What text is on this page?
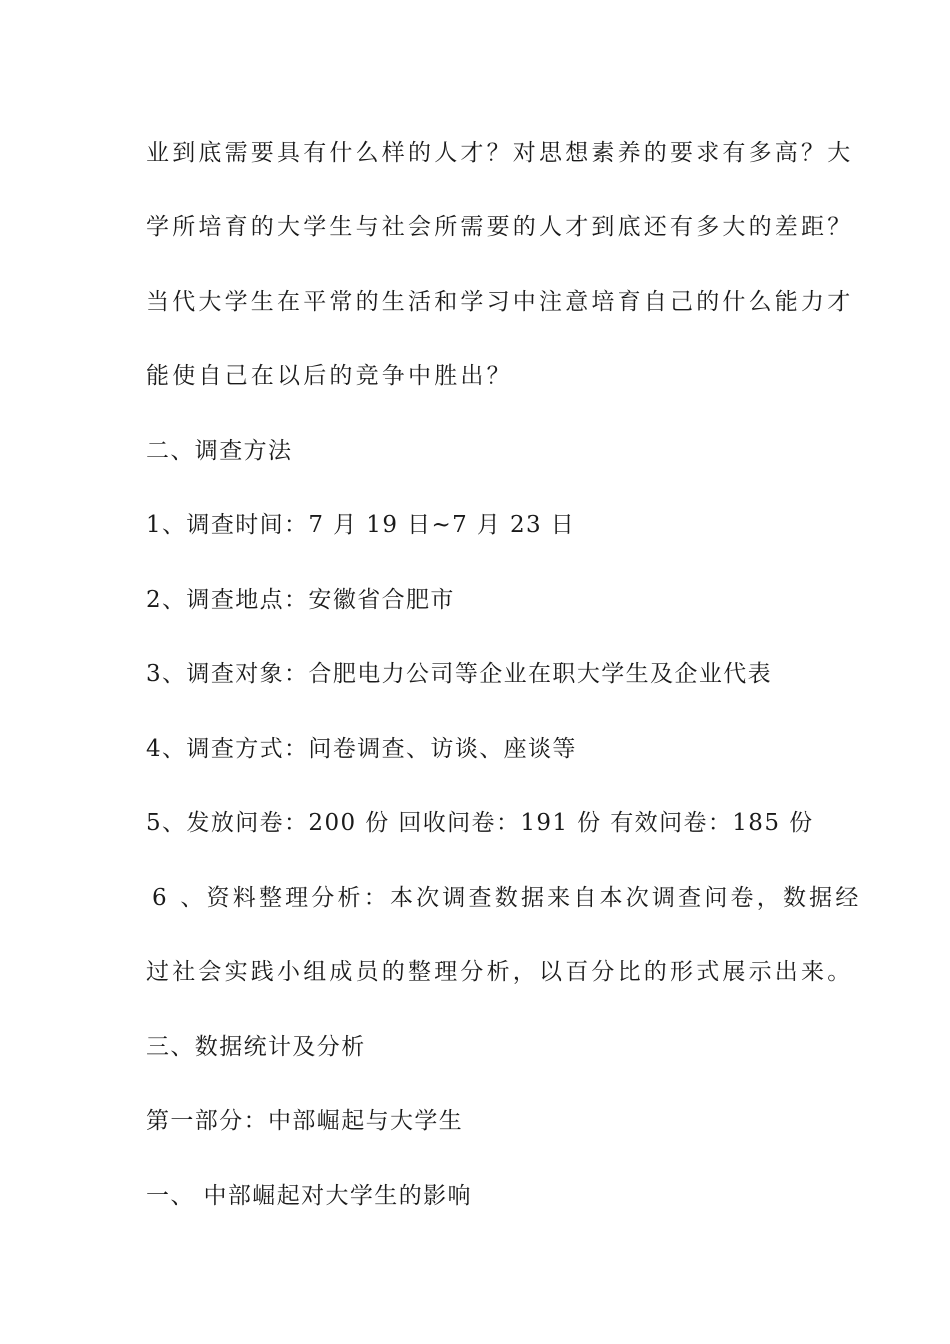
业到底需要具有什么样的人才？对思想素养的要求有多高？大
学所培育的大学生与社会所需要的人才到底还有多大的差距？
当代大学生在平常的生活和学习中注意培育自己的什么能力才
能使自己在以后的竞争中胜出？
二、调查方法
1、调查时间：7 月 19 日~7 月 23 日
2、调查地点：安徽省合肥市
3、调查对象：合肥电力公司等企业在职大学生及企业代表
4、调查方式：问卷调查、访谈、座谈等
5、发放问卷：200 份 回收问卷：191 份 有效问卷：185 份
6 、资料整理分析：本次调查数据来自本次调查问卷，数据经
过社会实践小组成员的整理分析，以百分比的形式展示出来。
三、数据统计及分析
第一部分：中部崛起与大学生
一、 中部崛起对大学生的影响
